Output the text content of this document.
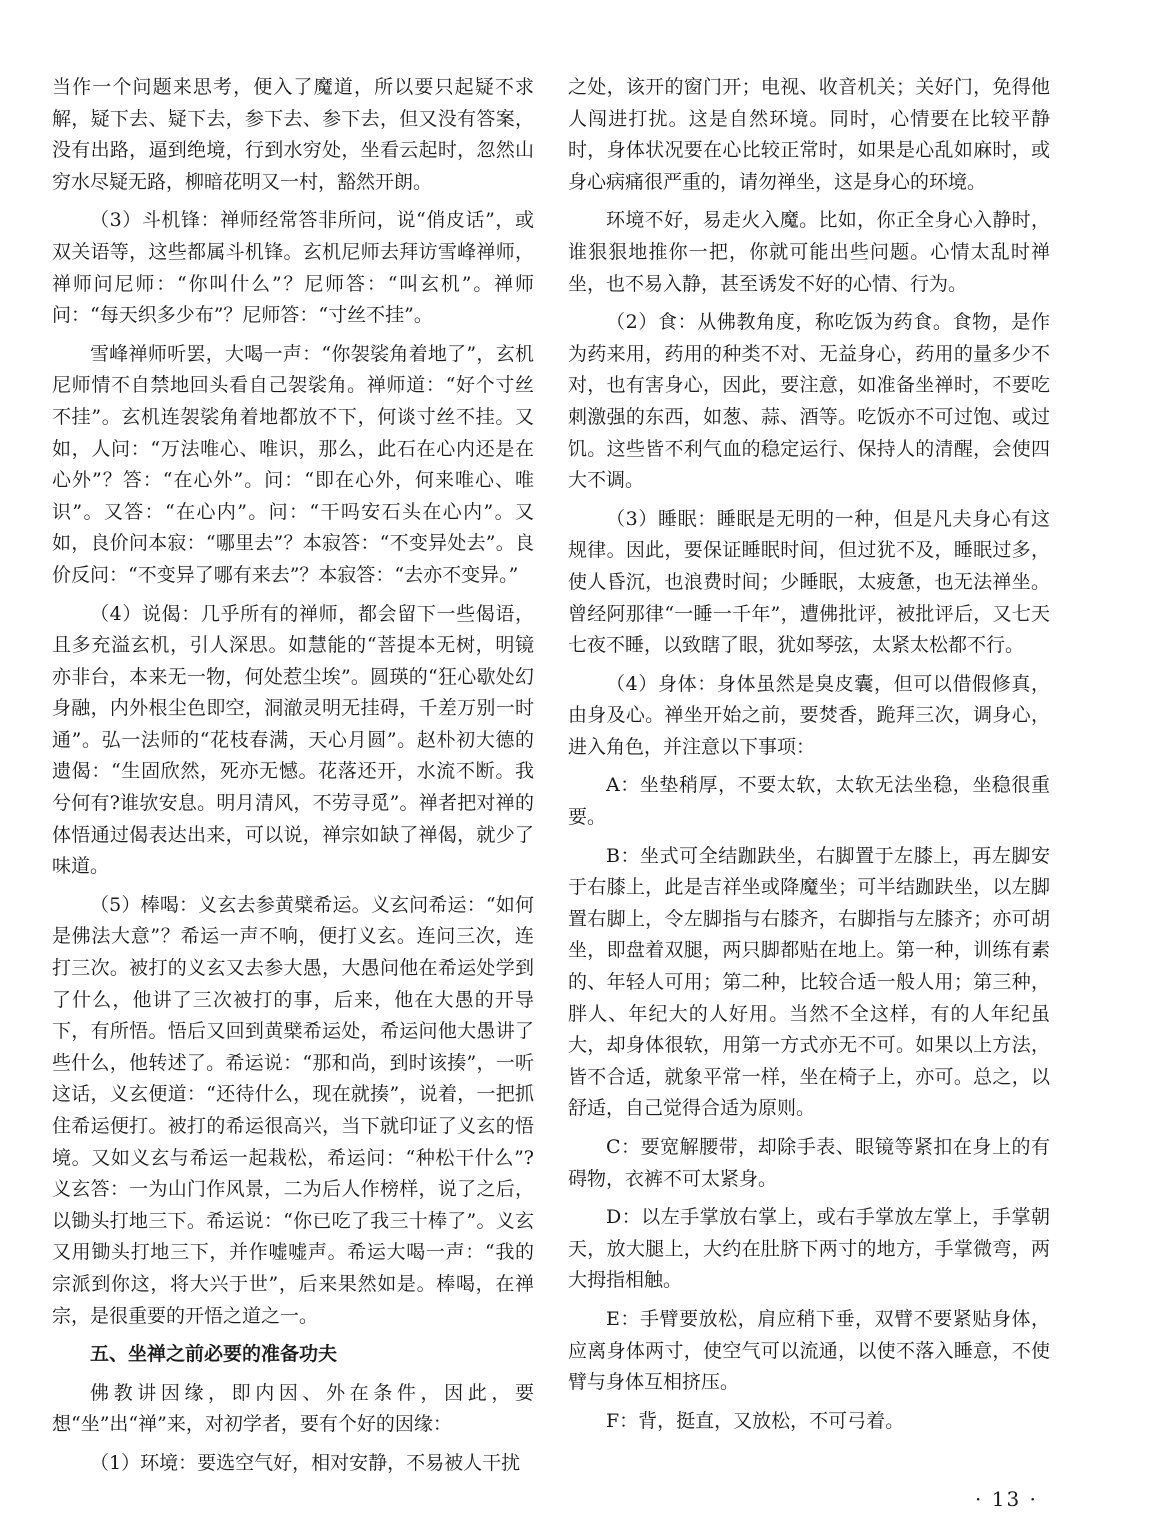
当作一个问题来思考，便入了魔道，所以要只起疑不求解，疑下去、疑下去，参下去、参下去，但又没有答案，没有出路，逼到绝境，行到水穷处，坐看云起时，忽然山穷水尽疑无路，柳暗花明又一村，豁然开朗。

（3）斗机锋：禅师经常答非所问，说“俏皮话”，或双关语等，这些都属斗机锋。玄机尼师去拜访雪峰禅师，禅师问尼师：“你叫什么”？尼师答：“叫玄机”。禅师问：“每天织多少布”？尼师答：“寸丝不挂”。

雪峰禅师听罢，大喝一声：“你袈裟角着地了”，玄机尼师情不自禁地回头看自己袈裟角。禅师道：“好个寸丝不挂”。玄机连袈裟角着地都放不下，何谈寸丝不挂。又如，人问：“万法唯心、唯识，那么，此石在心内还是在心外”？答：“在心外”。问：“即在心外，何来唯心、唯识”。又答：“在心内”。问：“干吗安石头在心内”。又如，良价问本寂：“哪里去”？本寂答：“不变异处去”。良价反问：“不变异了哪有来去”？本寂答：“去亦不变异。”

（4）说偈：几乎所有的禅师，都会留下一些偈语，且多充溢玄机，引人深思。如慧能的“菩提本无树，明镜亦非台，本来无一物，何处惹尘埃”。圆瑛的“狂心歇处幻身融，内外根尘色即空，洞澈灵明无挂碍，千差万别一时通”。弘一法师的“花枝春满，天心月圆”。赵朴初大德的遗偈：“生固欣然，死亦无憾。花落还开，水流不断。我兮何有?谁欤安息。明月清风，不劳寻觅”。禅者把对禅的体悟通过偈表达出来，可以说，禅宗如缺了禅偈，就少了味道。

（5）棒喝：义玄去参黄檗希运。义玄问希运：“如何是佛法大意”？希运一声不响，便打义玄。连问三次，连打三次。被打的义玄又去参大愚，大愚问他在希运处学到了什么，他讲了三次被打的事，后来，他在大愚的开导下，有所悟。悟后又回到黄檗希运处，希运问他大愚讲了些什么，他转述了。希运说：“那和尚，到时该揍”，一听这话，义玄便道：“还待什么，现在就揍”，说着，一把抓住希运便打。被打的希运很高兴，当下就印证了义玄的悟境。又如义玄与希运一起栽松，希运问：“种松干什么”?义玄答：一为山门作风景，二为后人作榜样，说了之后，以锄头打地三下。希运说：“你已吃了我三十棒了”。义玄又用锄头打地三下，并作嘘嘘声。希运大喝一声：“我的宗派到你这，将大兴于世”，后来果然如是。棒喝，在禅宗，是很重要的开悟之道之一。

五、坐禅之前必要的准备功夫

佛教讲因缘，即内因、外在条件，因此，要想“坐”出“禅”来，对初学者，要有个好的因缘：

（1）环境：要选空气好，相对安静，不易被人干扰

之处，该开的窗门开；电视、收音机关；关好门，免得他人闯进打扰。这是自然环境。同时，心情要在比较平静时，身体状况要在心比较正常时，如果是心乱如麻时，或身心病痛很严重的，请勿禅坐，这是身心的环境。

环境不好，易走火入魔。比如，你正全身心入静时，谁狠狠地推你一把，你就可能出些问题。心情太乱时禅坐，也不易入静，甚至诱发不好的心情、行为。

（2）食：从佛教角度，称吃饭为药食。食物，是作为药来用，药用的种类不对、无益身心，药用的量多少不对，也有害身心，因此，要注意，如准备坐禅时，不要吃刺激强的东西，如葱、蒜、酒等。吃饭亦不可过饱、或过饥。这些皆不利气血的稳定运行、保持人的清醒，会使四大不调。

（3）睡眠：睡眠是无明的一种，但是凡夫身心有这规律。因此，要保证睡眠时间，但过犹不及，睡眠过多，使人昏沉，也浪费时间；少睡眠，太疲惫，也无法禅坐。曾经阿那律“一睡一千年”，遭佛批评，被批评后，又七天七夜不睡，以致瞎了眼，犹如琴弦，太紧太松都不行。

（4）身体：身体虽然是臭皮囊，但可以借假修真，由身及心。禅坐开始之前，要焚香，跪拜三次，调身心，进入角色，并注意以下事项：

A：坐垫稍厚，不要太软，太软无法坐稳，坐稳很重要。

B：坐式可全结跏趺坐，右脚置于左膝上，再左脚安于右膝上，此是吉祥坐或降魔坐；可半结跏趺坐，以左脚置右脚上，令左脚指与右膝齐，右脚指与左膝齐；亦可胡坐，即盘着双腿，两只脚都贴在地上。第一种，训练有素的、年轻人可用；第二种，比较合适一般人用；第三种，胖人、年纪大的人好用。当然不全这样，有的人年纪虽大，却身体很软，用第一方式亦无不可。如果以上方法，皆不合适，就象平常一样，坐在椅子上，亦可。总之，以舒适，自己觉得合适为原则。

C：要宽解腰带，却除手表、眼镜等紧扣在身上的有碍物，衣裤不可太紧身。

D：以左手掌放右掌上，或右手掌放左掌上，手掌朝天，放大腿上，大约在肚脐下两寸的地方，手掌微弯，两大拇指相触。

E：手臂要放松，肩应稍下垂，双臂不要紧贴身体，应离身体两寸，使空气可以流通，以使不落入睡意，不使臂与身体互相挤压。

F：背，挺直，又放松，不可弓着。

· 13 ·
